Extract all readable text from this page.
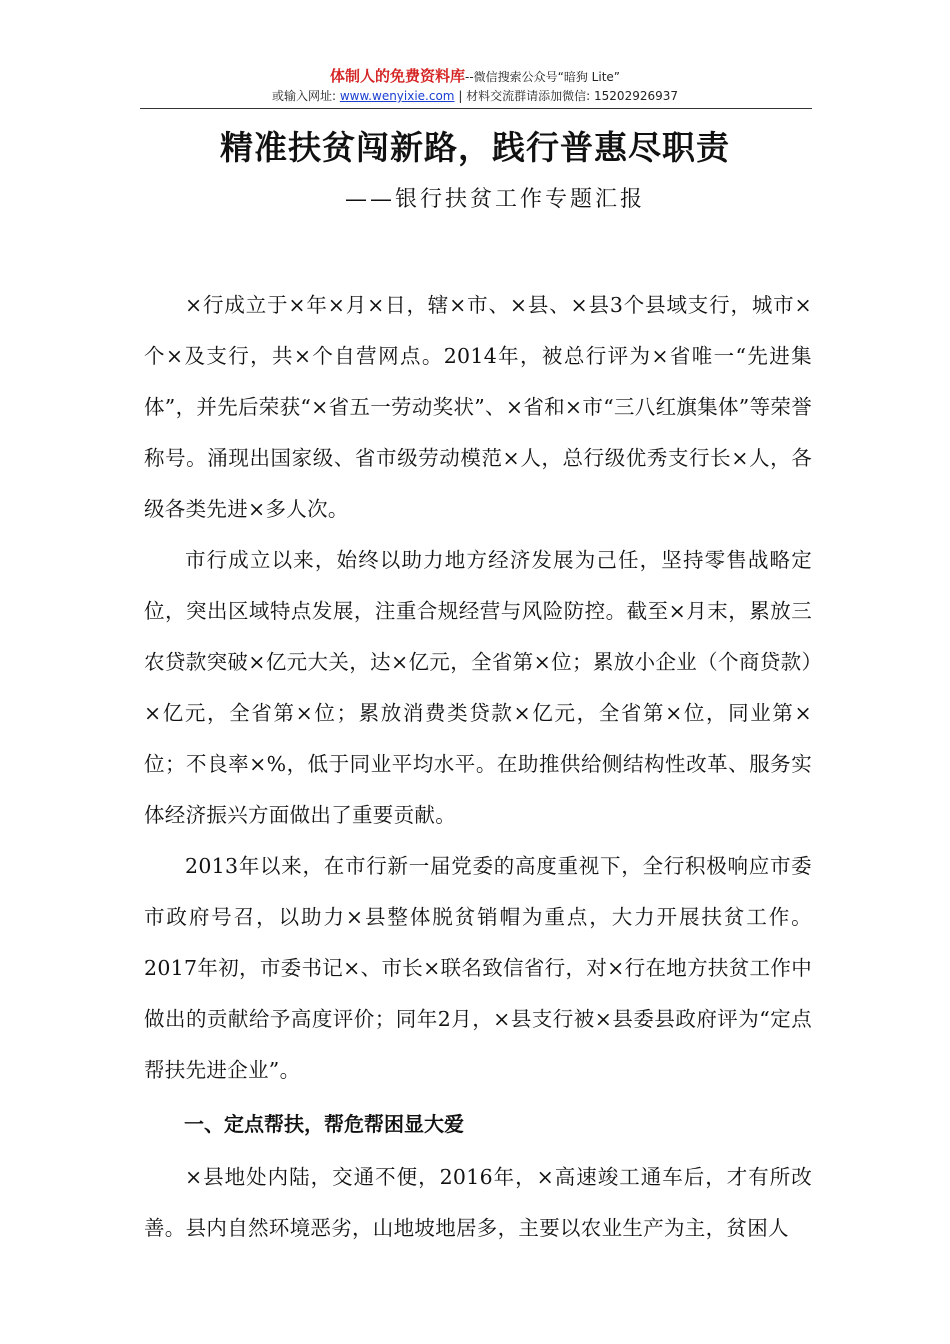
体制人的免费资料库--微信搜索公众号“暗狗 Lite”
或输入网址: www.wenyixie.com | 材料交流群请添加微信: 15202926937
精准扶贫闯新路，践行普惠尽职责
——银行扶贫工作专题汇报

×行成立于×年×月×日，辖×市、×县、×县3个县域支行，城市×个×及支行，共×个自营网点。2014年，被总行评为×省唯一“先进集体”，并先后荣获“×省五一劳动奖状”、×省和×市“三八红旗集体”等荣誉称号。涌现出国家级、省市级劳动模范×人，总行级优秀支行长×人，各级各类先进×多人次。

市行成立以来，始终以助力地方经济发展为己任，坚持零售战略定位，突出区域特点发展，注重合规经营与风险防控。截至×月末，累放三农贷款突破×亿元大关，达×亿元，全省第×位；累放小企业（个商贷款）×亿元，全省第×位；累放消费类贷款×亿元，全省第×位，同业第×位；不良率×%，低于同业平均水平。在助推供给侧结构性改革、服务实体经济振兴方面做出了重要贡献。

2013年以来，在市行新一届党委的高度重视下，全行积极响应市委市政府号召，以助力×县整体脱贫销帽为重点，大力开展扶贫工作。2017年初，市委书记×、市长×联名致信省行，对×行在地方扶贫工作中做出的贡献给予高度评价；同年2月，×县支行被×县委县政府评为“定点帮扶先进企业”。

一、定点帮扶，帮危帮困显大爱

×县地处内陆，交通不便，2016年，×高速竣工通车后，才有所改善。县内自然环境恶劣，山地坡地居多，主要以农业生产为主，贫困人
